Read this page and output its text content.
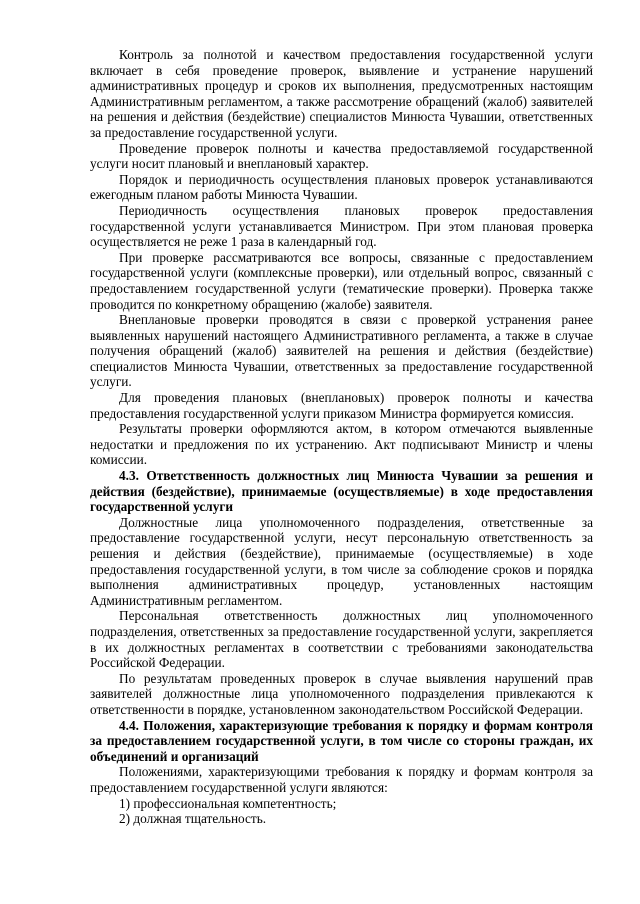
Контроль за полнотой и качеством предоставления государственной услуги включает в себя проведение проверок, выявление и устранение нарушений административных процедур и сроков их выполнения, предусмотренных настоящим Административным регламентом, а также рассмотрение обращений (жалоб) заявителей на решения и действия (бездействие) специалистов Минюста Чувашии, ответственных за предоставление государственной услуги.

Проведение проверок полноты и качества предоставляемой государственной услуги носит плановый и внеплановый характер.

Порядок и периодичность осуществления плановых проверок устанавливаются ежегодным планом работы Минюста Чувашии.

Периодичность осуществления плановых проверок предоставления государственной услуги устанавливается Министром. При этом плановая проверка осуществляется не реже 1 раза в календарный год.

При проверке рассматриваются все вопросы, связанные с предоставлением государственной услуги (комплексные проверки), или отдельный вопрос, связанный с предоставлением государственной услуги (тематические проверки). Проверка также проводится по конкретному обращению (жалобе) заявителя.

Внеплановые проверки проводятся в связи с проверкой устранения ранее выявленных нарушений настоящего Административного регламента, а также в случае получения обращений (жалоб) заявителей на решения и действия (бездействие) специалистов Минюста Чувашии, ответственных за предоставление государственной услуги.

Для проведения плановых (внеплановых) проверок полноты и качества предоставления государственной услуги приказом Министра формируется комиссия.

Результаты проверки оформляются актом, в котором отмечаются выявленные недостатки и предложения по их устранению. Акт подписывают Министр и члены комиссии.

4.3. Ответственность должностных лиц Минюста Чувашии за решения и действия (бездействие), принимаемые (осуществляемые) в ходе предоставления государственной услуги

Должностные лица уполномоченного подразделения, ответственные за предоставление государственной услуги, несут персональную ответственность за решения и действия (бездействие), принимаемые (осуществляемые) в ходе предоставления государственной услуги, в том числе за соблюдение сроков и порядка выполнения административных процедур, установленных настоящим Административным регламентом.

Персональная ответственность должностных лиц уполномоченного подразделения, ответственных за предоставление государственной услуги, закрепляется в их должностных регламентах в соответствии с требованиями законодательства Российской Федерации.

По результатам проведенных проверок в случае выявления нарушений прав заявителей должностные лица уполномоченного подразделения привлекаются к ответственности в порядке, установленном законодательством Российской Федерации.

4.4. Положения, характеризующие требования к порядку и формам контроля за предоставлением государственной услуги, в том числе со стороны граждан, их объединений и организаций

Положениями, характеризующими требования к порядку и формам контроля за предоставлением государственной услуги являются:

1) профессиональная компетентность;

2) должная тщательность.
